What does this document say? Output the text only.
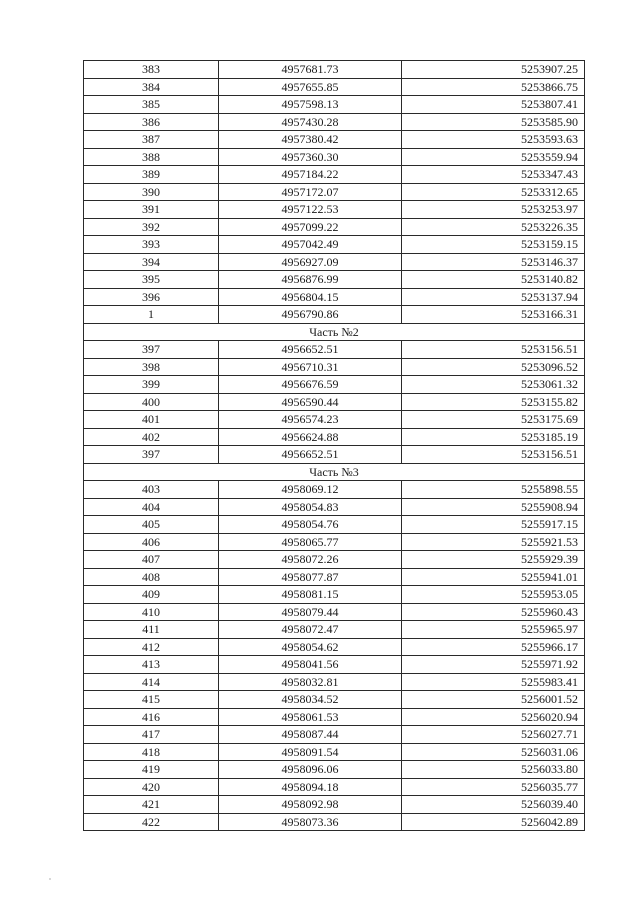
383	4957681.73	5253907.25
384	4957655.85	5253866.75
385	4957598.13	5253807.41
386	4957430.28	5253585.90
387	4957380.42	5253593.63
388	4957360.30	5253559.94
389	4957184.22	5253347.43
390	4957172.07	5253312.65
391	4957122.53	5253253.97
392	4957099.22	5253226.35
393	4957042.49	5253159.15
394	4956927.09	5253146.37
395	4956876.99	5253140.82
396	4956804.15	5253137.94
1	4956790.86	5253166.31
Часть №2		
397	4956652.51	5253156.51
398	4956710.31	5253096.52
399	4956676.59	5253061.32
400	4956590.44	5253155.82
401	4956574.23	5253175.69
402	4956624.88	5253185.19
397	4956652.51	5253156.51
Часть №3		
403	4958069.12	5255898.55
404	4958054.83	5255908.94
405	4958054.76	5255917.15
406	4958065.77	5255921.53
407	4958072.26	5255929.39
408	4958077.87	5255941.01
409	4958081.15	5255953.05
410	4958079.44	5255960.43
411	4958072.47	5255965.97
412	4958054.62	5255966.17
413	4958041.56	5255971.92
414	4958032.81	5255983.41
415	4958034.52	5256001.52
416	4958061.53	5256020.94
417	4958087.44	5256027.71
418	4958091.54	5256031.06
419	4958096.06	5256033.80
420	4958094.18	5256035.77
421	4958092.98	5256039.40
422	4958073.36	5256042.89
